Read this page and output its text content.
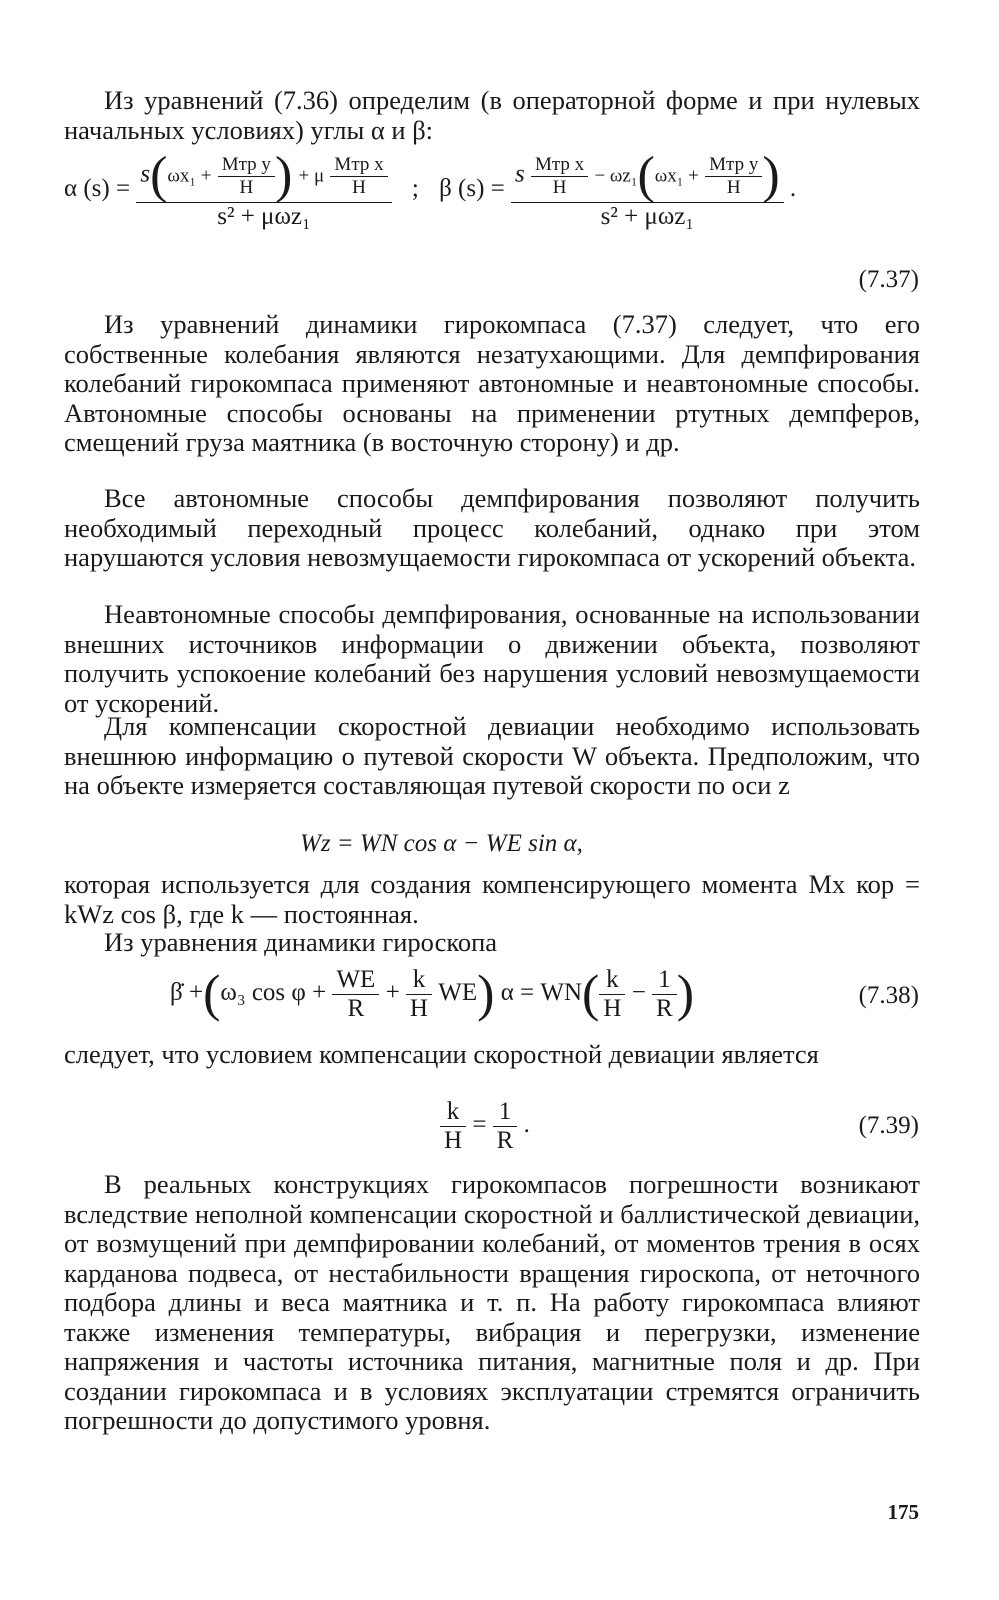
Из уравнений (7.36) определим (в операторной форме и при нулевых начальных условиях) углы α и β:

α $(s) = \frac{s(\omega x_1 + \frac{\text{Mтр y}}{H} ) + \mu \frac{\text{Mтр x}}{H}}{\text{s² + μωz₁}}$ ; β $(s) = \frac{s \frac{\text{Mтр x}}{H} - \omega z_1(\omega x_1 + \frac{\text{Mтр y}}{H} )}{\text{s² + μωz₁}}$ .
(7.37)

Из уравнений динамики гирокомпаса (7.37) следует, что его собственные колебания являются незатухающими. Для демпфирования колебаний гирокомпаса применяют автономные и неавтономные способы. Автономные способы основаны на применении ртутных демпферов, смещений груза маятника (в восточную сторону) и др.

Все автономные способы демпфирования позволяют получить необходимый переходный процесс колебаний, однако при этом нарушаются условия невозмущаемости гирокомпаса от ускорений объекта.

Неавтономные способы демпфирования, основанные на использовании внешних источников информации о движении объекта, позволяют получить успокоение колебаний без нарушения условий невозмущаемости от ускорений.

Для компенсации скоростной девиации необходимо использовать внешнюю информацию о путевой скорости W объекта. Предположим, что на объекте измеряется составляющая путевой скорости по оси z

Wz = WN cos α − WE sin α,

которая используется для создания компенсирующего момента Mx кор = kWz cos β, где k — постоянная.

Из уравнения динамики гироскопа

β̇ +(ω₃ $\cos \varphi + \frac{WE}{R} + \frac{k}{H} WE$) $\alpha = WN( \frac{k}{H} - \frac{1}{R}$ )	(7.38)

следует, что условием компенсации скоростной девиации является

$\frac{k}{H} = \frac{1}{R}$ .	(7.39)

В реальных конструкциях гирокомпасов погрешности возникают вследствие неполной компенсации скоростной и баллистической девиации, от возмущений при демпфировании колебаний, от моментов трения в осях карданова подвеса, от нестабильности вращения гироскопа, от неточного подбора длины и веса маятника и т. п. На работу гирокомпаса влияют также изменения температуры, вибрация и перегрузки, изменение напряжения и частоты источника питания, магнитные поля и др. При создании гирокомпаса и в условиях эксплуатации стремятся ограничить погрешности до допустимого уровня.

175
